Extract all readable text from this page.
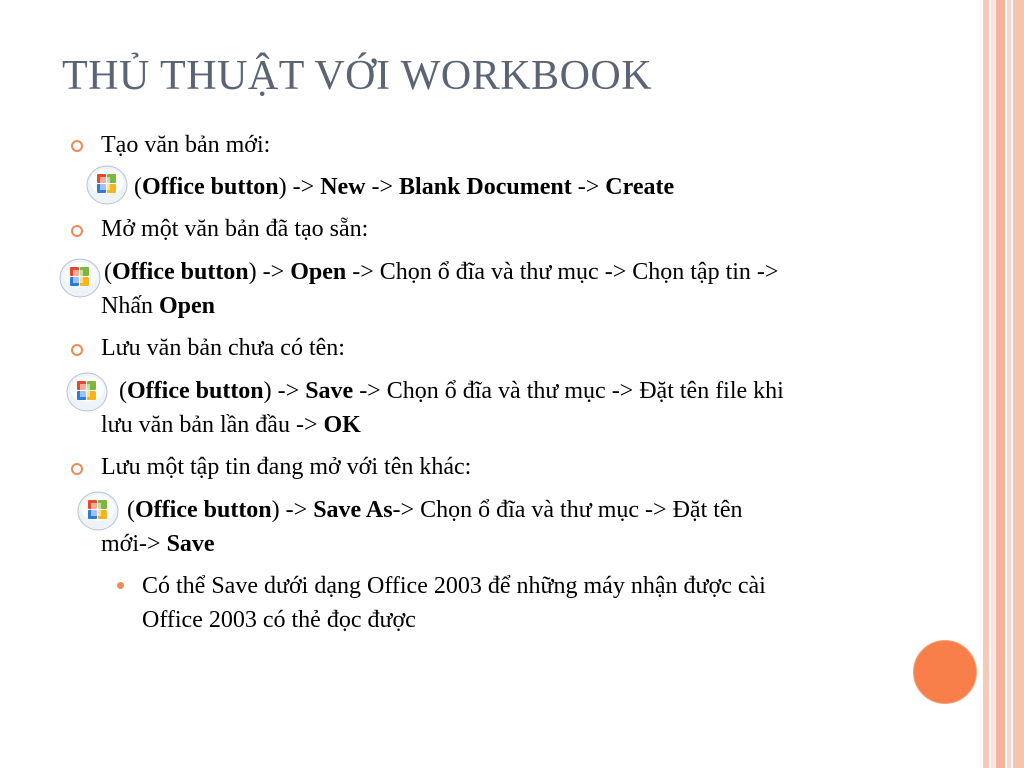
THỦ THUẬT VỚI WORKBOOK
Tạo văn bản mới:
(Office button) -> New -> Blank Document -> Create
Mở một văn bản đã tạo sẵn:
(Office button) -> Open -> Chọn ổ đĩa và thư mục -> Chọn tập tin ->
Nhấn Open
Lưu văn bản chưa có tên:
(Office button) -> Save -> Chọn ổ đĩa và thư mục -> Đặt tên file khi
lưu văn bản lần đầu -> OK
Lưu một tập tin đang mở với tên khác:
(Office button) -> Save As-> Chọn ổ đĩa và thư mục -> Đặt tên
mới-> Save
Có thể Save dưới dạng Office 2003 để những máy nhận được cài
Office 2003 có thẻ đọc được
